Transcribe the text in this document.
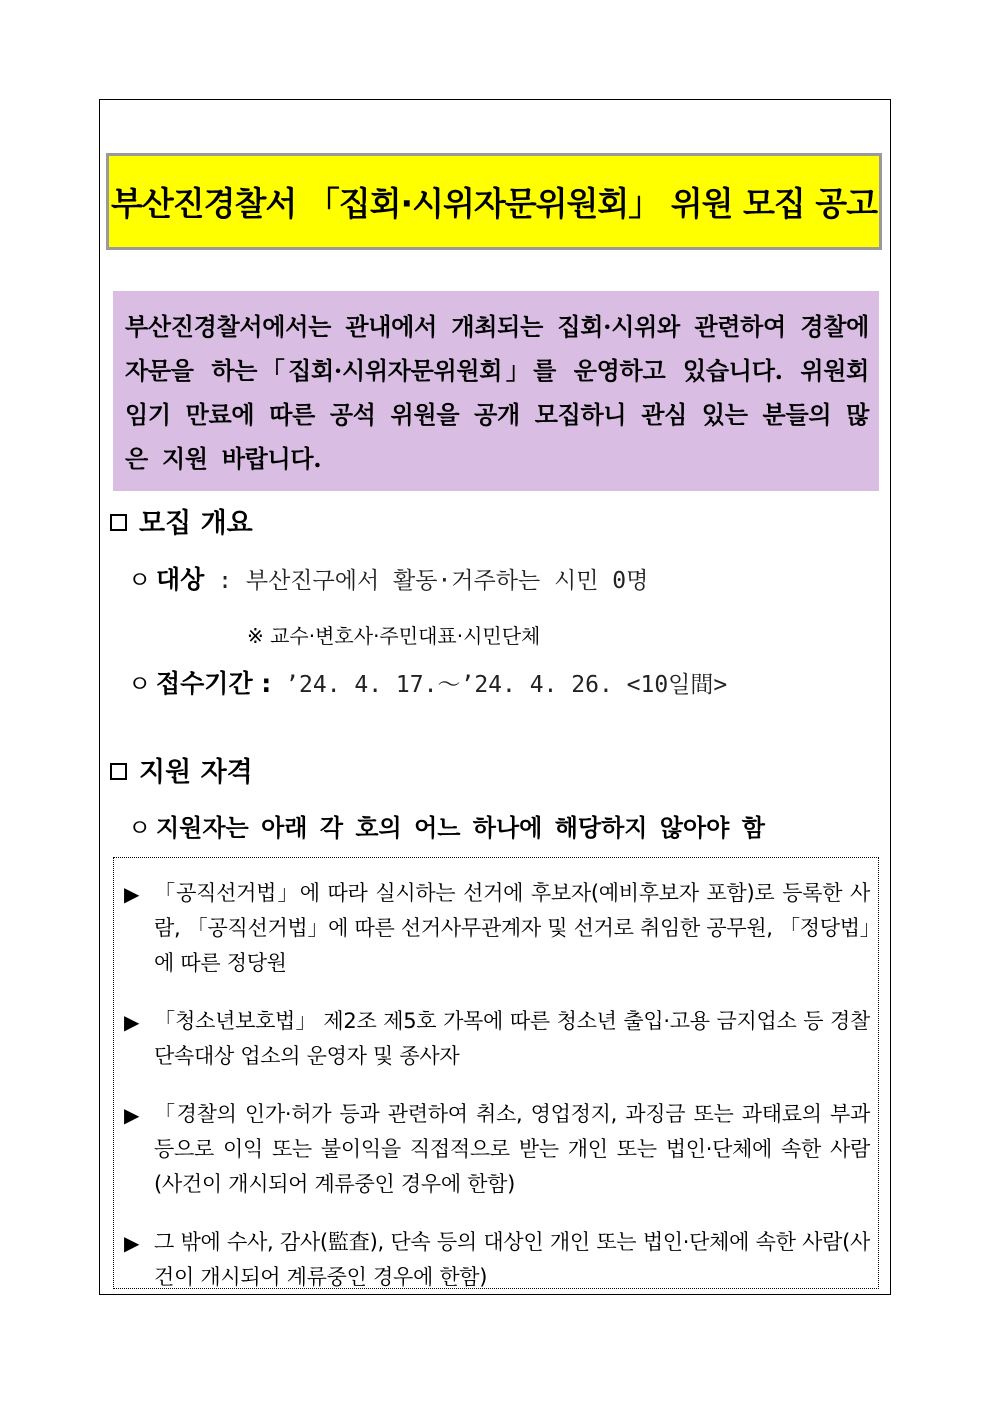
부산진경찰서 「집회·시위자문위원회」 위원 모집 공고
부산진경찰서에서는 관내에서 개최되는 집회·시위와 관련하여 경찰에 자문을 하는「집회·시위자문위원회」를 운영하고 있습니다. 위원회 임기 만료에 따른 공석 위원을 공개 모집하니 관심 있는 분들의 많은 지원 바랍니다.
모집 개요
ㅇ 대상 : 부산진구에서 활동·거주하는 시민 0명
※ 교수·변호사·주민대표·시민단체
ㅇ 접수기간 : ’24. 4. 17.～’24. 4. 26. <10일間>
지원 자격
ㅇ 지원자는 아래 각 호의 어느 하나에 해당하지 않아야 함
▶ 「공직선거법」에 따라 실시하는 선거에 후보자(예비후보자 포함)로 등록한 사람, 「공직선거법」에 따른 선거사무관계자 및 선거로 취임한 공무원, 「정당법」에 따른 정당원
▶ 「청소년보호법」 제2조 제5호 가목에 따른 청소년 출입·고용 금지업소 등 경찰 단속대상 업소의 운영자 및 종사자
▶ 「경찰의 인가·허가 등과 관련하여 취소, 영업정지, 과징금 또는 과태료의 부과 등으로 이익 또는 불이익을 직접적으로 받는 개인 또는 법인·단체에 속한 사람(사건이 개시되어 계류중인 경우에 한함)
▶ 그 밖에 수사, 감사(監査), 단속 등의 대상인 개인 또는 법인·단체에 속한 사람(사건이 개시되어 계류중인 경우에 한함)
